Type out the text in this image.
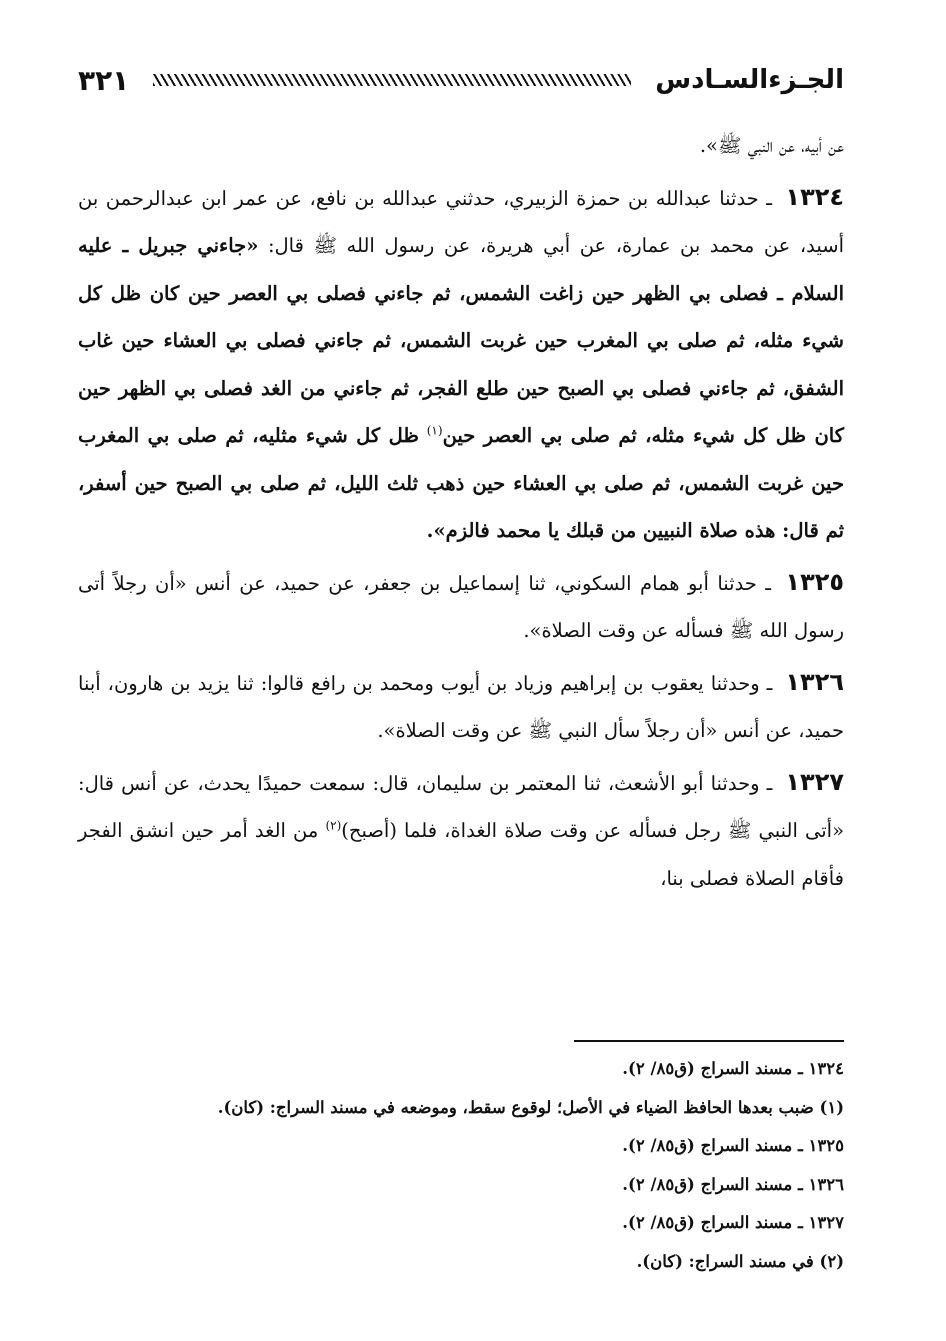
الجـزءالسـادس
٣٢١

عن أبيه، عن النبي ﷺ».

١٣٢٤ ـ حدثنا عبدالله بن حمزة الزبيري، حدثني عبدالله بن نافع، عن عمر ابن عبدالرحمن بن أسيد، عن محمد بن عمارة، عن أبي هريرة، عن رسول الله ﷺ قال: «جاءني جبريل ـ عليه السلام ـ فصلى بي الظهر حين زاغت الشمس، ثم جاءني فصلى بي العصر حين كان ظل كل شيء مثله، ثم صلى بي المغرب حين غربت الشمس، ثم جاءني فصلى بي العشاء حين غاب الشفق، ثم جاءني فصلى بي الصبح حين طلع الفجر، ثم جاءني من الغد فصلى بي الظهر حين كان ظل كل شيء مثله، ثم صلى بي العصر حين$^{(١)}$ ظل كل شيء مثليه، ثم صلى بي المغرب حين غربت الشمس، ثم صلى بي العشاء حين ذهب ثلث الليل، ثم صلى بي الصبح حين أسفر، ثم قال: هذه صلاة النبيين من قبلك يا محمد فالزم».

١٣٢٥ ـ حدثنا أبو همام السكوني، ثنا إسماعيل بن جعفر، عن حميد، عن أنس «أن رجلاً أتى رسول الله ﷺ فسأله عن وقت الصلاة».

١٣٢٦ ـ وحدثنا يعقوب بن إبراهيم وزياد بن أيوب ومحمد بن رافع قالوا: ثنا يزيد بن هارون، أبنا حميد، عن أنس «أن رجلاً سأل النبي ﷺ عن وقت الصلاة».

١٣٢٧ ـ وحدثنا أبو الأشعث، ثنا المعتمر بن سليمان، قال: سمعت حميدًا يحدث، عن أنس قال: «أتى النبي ﷺ رجل فسأله عن وقت صلاة الغداة، فلما (أصبح)$^{(٢)}$ من الغد أمر حين انشق الفجر فأقام الصلاة فصلى بنا،

١٣٢٤ ـ مسند السراج (ق٨٥/ ٢).
(١) ضبب بعدها الحافظ الضياء في الأصل؛ لوقوع سقط، وموضعه في مسند السراج: (كان).
١٣٢٥ ـ مسند السراج (ق٨٥/ ٢).
١٣٢٦ ـ مسند السراج (ق٨٥/ ٢).
١٣٢٧ ـ مسند السراج (ق٨٥/ ٢).
(٢) في مسند السراج: (كان).
